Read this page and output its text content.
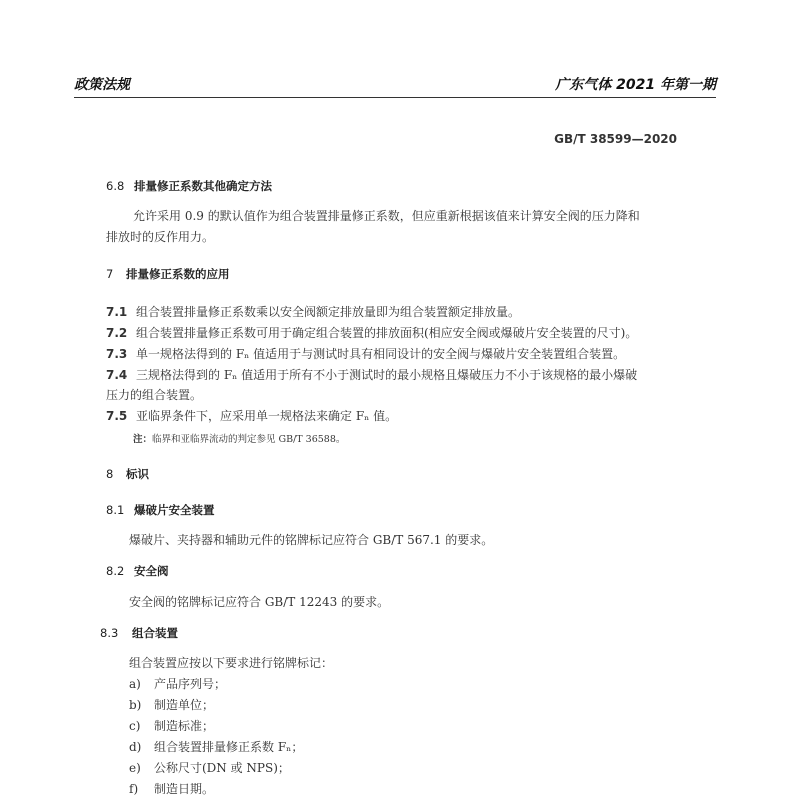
政策法规	广东气体 2021 年第一期
GB/T 38599—2020
6.8 排量修正系数其他确定方法
允许采用 0.9 的默认值作为组合装置排量修正系数，但应重新根据该值来计算安全阀的压力降和
排放时的反作用力。
7 排量修正系数的应用
7.1 组合装置排量修正系数乘以安全阀额定排放量即为组合装置额定排放量。
7.2 组合装置排量修正系数可用于确定组合装置的排放面积(相应安全阀或爆破片安全装置的尺寸)。
7.3 单一规格法得到的 Fₙ 值适用于与测试时具有相同设计的安全阀与爆破片安全装置组合装置。
7.4 三规格法得到的 Fₙ 值适用于所有不小于测试时的最小规格且爆破压力不小于该规格的最小爆破
压力的组合装置。
7.5 亚临界条件下，应采用单一规格法来确定 Fₙ 值。
注：临界和亚临界流动的判定参见 GB/T 36588。
8 标识
8.1 爆破片安全装置
爆破片、夹持器和辅助元件的铭牌标记应符合 GB/T 567.1 的要求。
8.2 安全阀
安全阀的铭牌标记应符合 GB/T 12243 的要求。
8.3 组合装置
组合装置应按以下要求进行铭牌标记：
a) 产品序列号；
b) 制造单位；
c) 制造标准；
d) 组合装置排量修正系数 Fₙ；
e) 公称尺寸(DN 或 NPS)；
f) 制造日期。
